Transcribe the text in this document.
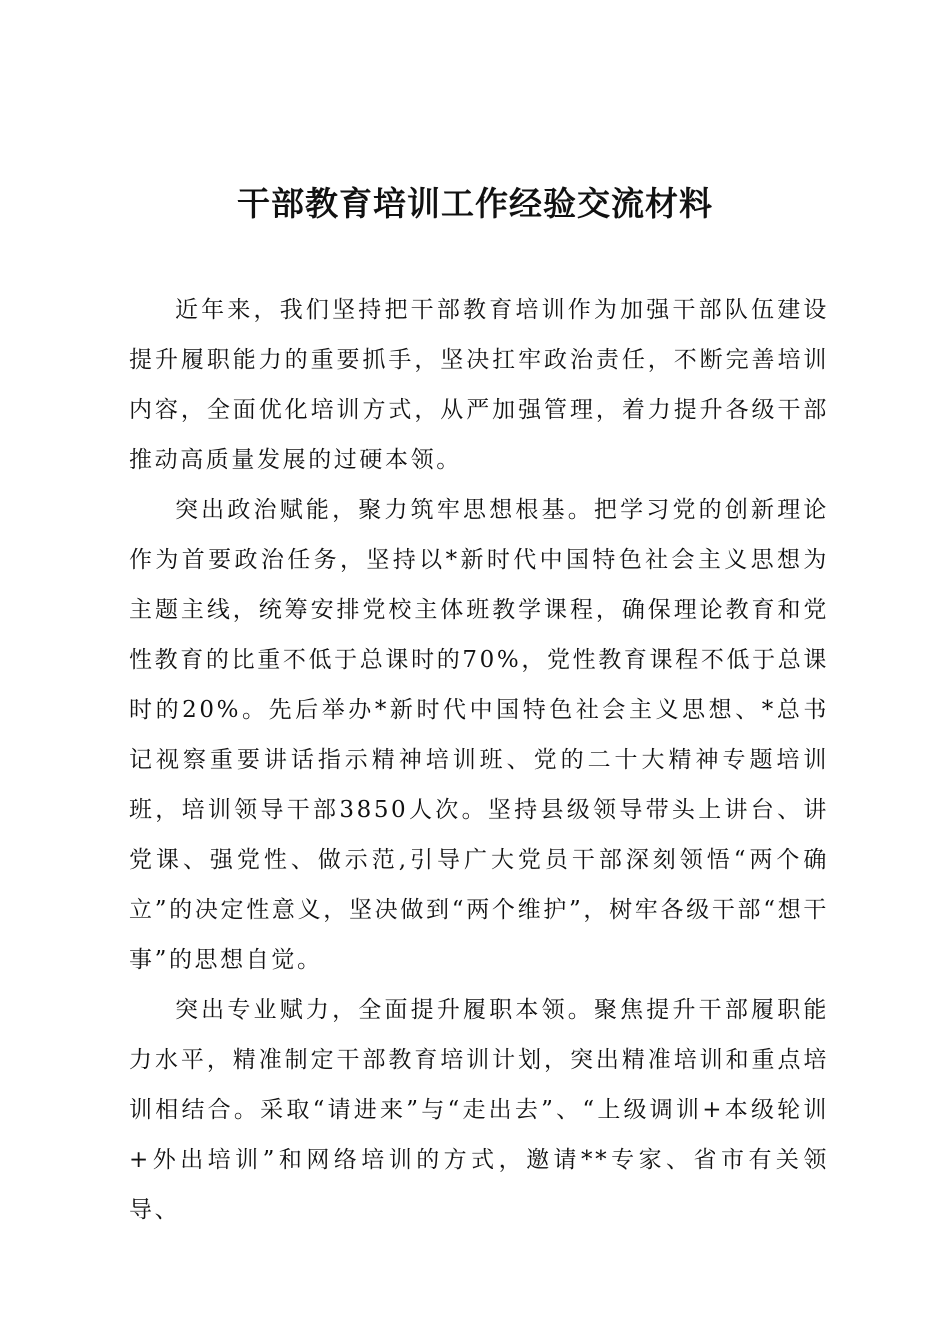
干部教育培训工作经验交流材料

近年来，我们坚持把干部教育培训作为加强干部队伍建设提升履职能力的重要抓手，坚决扛牢政治责任，不断完善培训内容，全面优化培训方式，从严加强管理，着力提升各级干部推动高质量发展的过硬本领。

突出政治赋能，聚力筑牢思想根基。把学习党的创新理论作为首要政治任务，坚持以*新时代中国特色社会主义思想为主题主线，统筹安排党校主体班教学课程，确保理论教育和党性教育的比重不低于总课时的70%，党性教育课程不低于总课时的20%。先后举办*新时代中国特色社会主义思想、*总书记视察重要讲话指示精神培训班、党的二十大精神专题培训班，培训领导干部3850人次。坚持县级领导带头上讲台、讲党课、强党性、做示范,引导广大党员干部深刻领悟“两个确立”的决定性意义，坚决做到“两个维护”，树牢各级干部“想干事”的思想自觉。

突出专业赋力，全面提升履职本领。聚焦提升干部履职能力水平，精准制定干部教育培训计划，突出精准培训和重点培训相结合。采取“请进来”与“走出去”、“上级调训+本级轮训+外出培训”和网络培训的方式，邀请**专家、省市有关领导、
